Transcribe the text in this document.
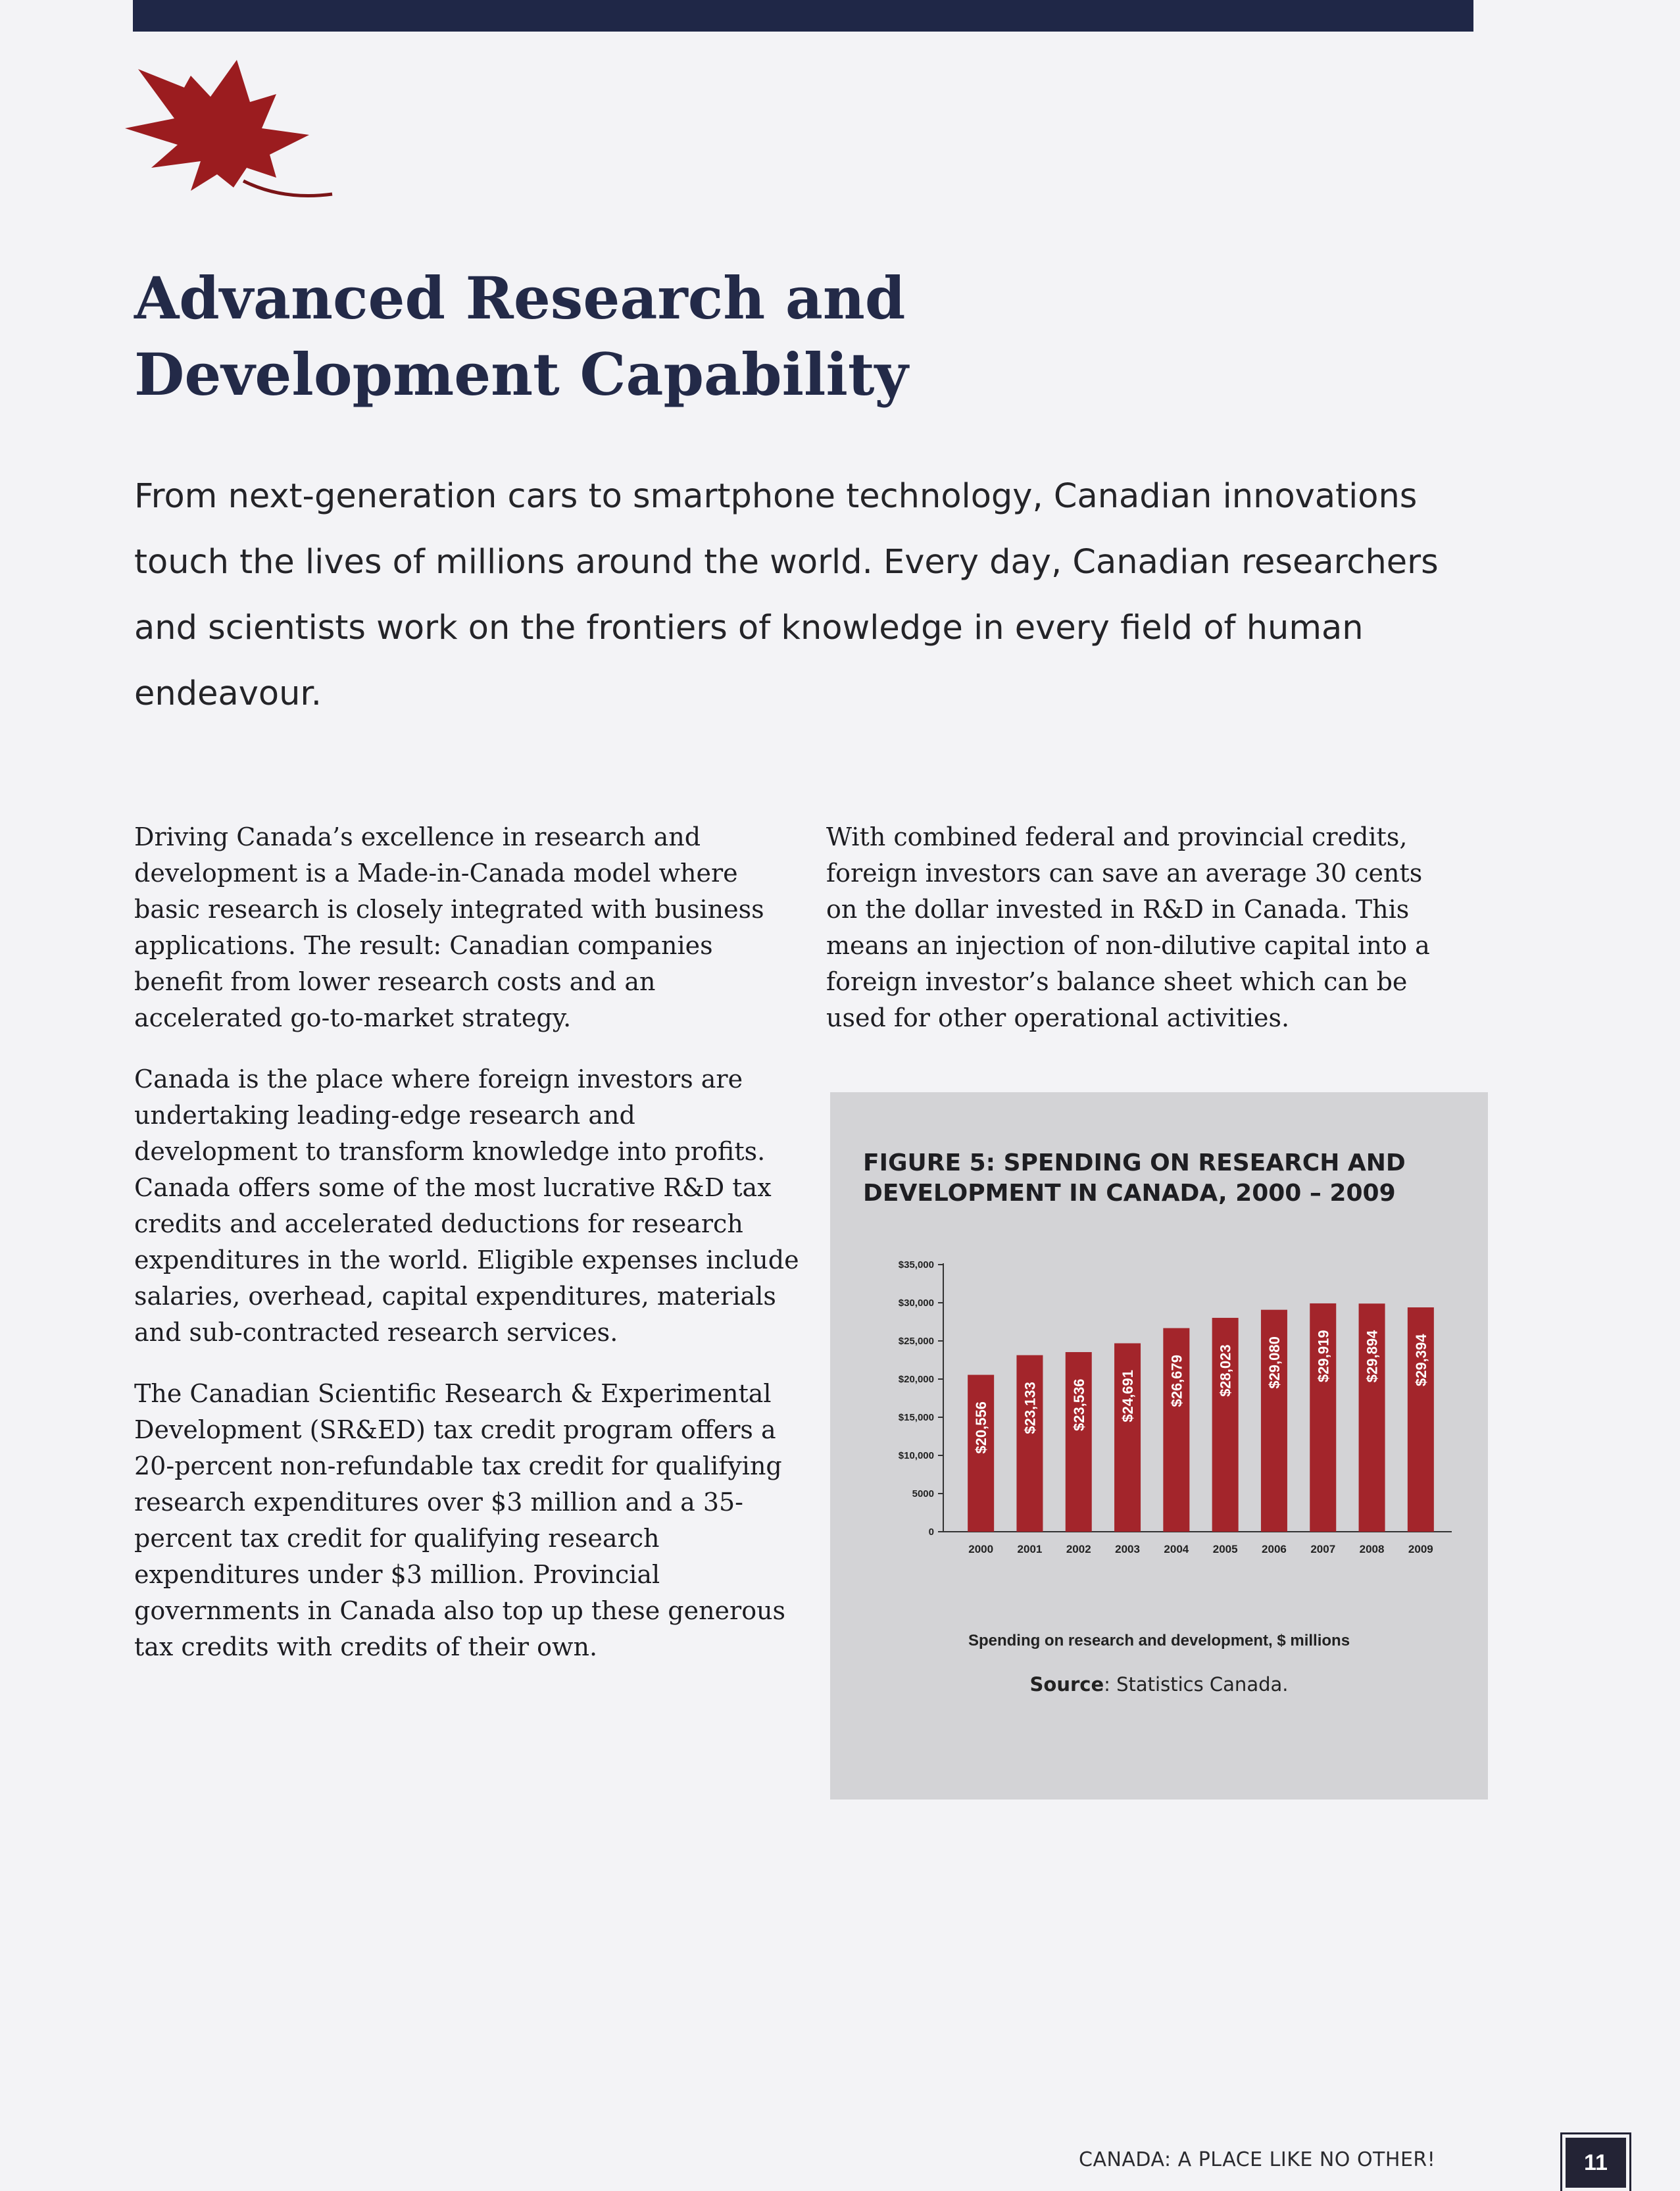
Advanced Research and
Development Capability

From next-generation cars to smartphone technology, Canadian innovations touch the lives of millions around the world. Every day, Canadian researchers and scientists work on the frontiers of knowledge in every field of human endeavour.

Driving Canada’s excellence in research and development is a Made-in-Canada model where basic research is closely integrated with business applications. The result: Canadian companies benefit from lower research costs and an accelerated go-to-market strategy.

Canada is the place where foreign investors are undertaking leading-edge research and development to transform knowledge into profits. Canada offers some of the most lucrative R&D tax credits and accelerated deductions for research expenditures in the world. Eligible expenses include salaries, overhead, capital expenditures, materials and sub-contracted research services.

The Canadian Scientific Research & Experimental Development (SR&ED) tax credit program offers a 20-percent non-refundable tax credit for qualifying research expenditures over $3 million and a 35-percent tax credit for qualifying research expenditures under $3 million. Provincial governments in Canada also top up these generous tax credits with credits of their own.

With combined federal and provincial credits, foreign investors can save an average 30 cents on the dollar invested in R&D in Canada. This means an injection of non-dilutive capital into a foreign investor’s balance sheet which can be used for other operational activities.

FIGURE 5: SPENDING ON RESEARCH AND DEVELOPMENT IN CANADA, 2000 – 2009

0
5000
$10,000
$15,000
$20,000
$25,000
$30,000
$35,000
$20,556
2000
$23,133
2001
$23,536
2002
$24,691
2003
$26,679
2004
$28,023
2005
$29,080
2006
$29,919
2007
$29,894
2008
$29,394
2009
Spending on research and development, $ millions
Source: Statistics Canada.
CANADA: A PLACE LIKE NO OTHER!	11
